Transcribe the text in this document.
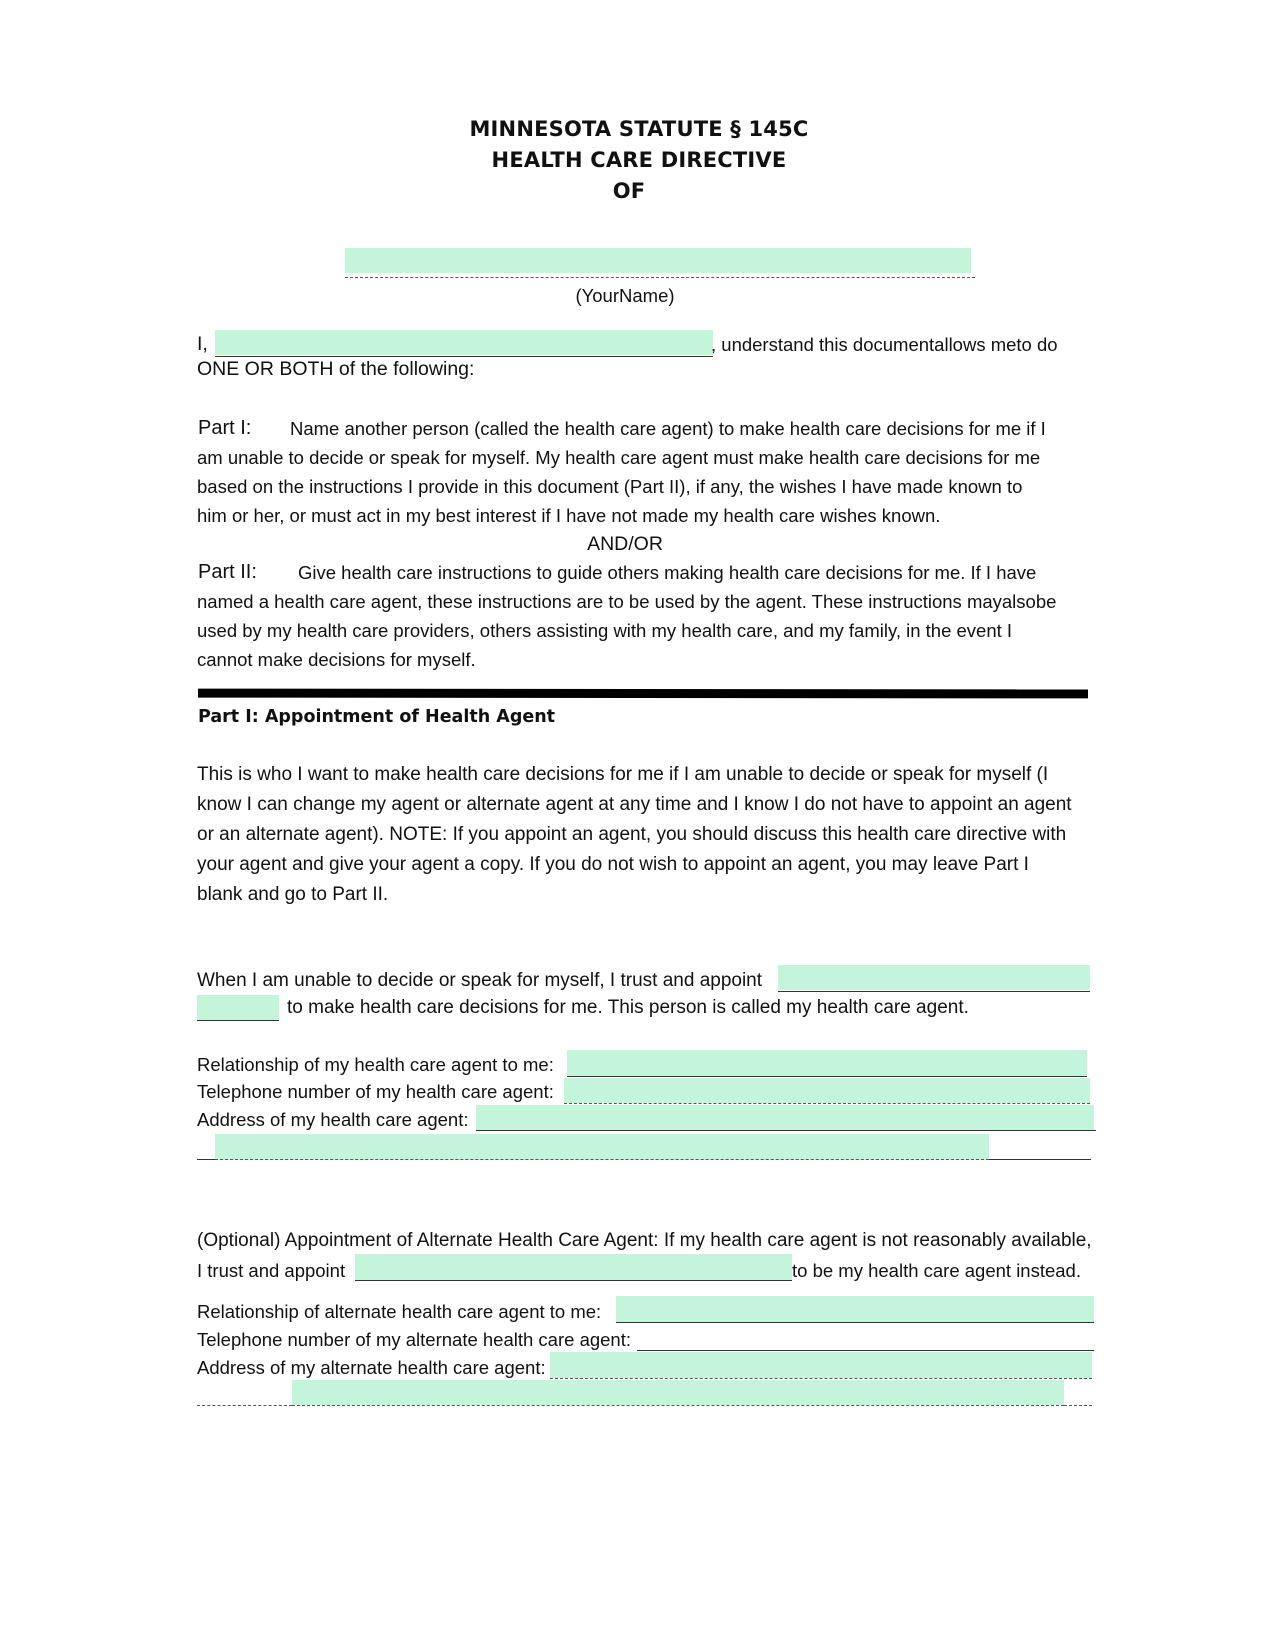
MINNESOTA STATUTE § 145C
HEALTH CARE DIRECTIVE
OF
(YourName)
I,	, understand this documentallows meto do
ONE OR BOTH of the following:
Part I: Name another person (called the health care agent) to make health care decisions for me if I
am unable to decide or speak for myself. My health care agent must make health care decisions for me
based on the instructions I provide in this document (Part II), if any, the wishes I have made known to
him or her, or must act in my best interest if I have not made my health care wishes known.
AND/OR
Part II: Give health care instructions to guide others making health care decisions for me. If I have
named a health care agent, these instructions are to be used by the agent. These instructions mayalsobe
used by my health care providers, others assisting with my health care, and my family, in the event I
cannot make decisions for myself.
Part I: Appointment of Health Agent
This is who I want to make health care decisions for me if I am unable to decide or speak for myself (I
know I can change my agent or alternate agent at any time and I know I do not have to appoint an agent
or an alternate agent). NOTE: If you appoint an agent, you should discuss this health care directive with
your agent and give your agent a copy. If you do not wish to appoint an agent, you may leave Part I
blank and go to Part II.
When I am unable to decide or speak for myself, I trust and appoint
to make health care decisions for me. This person is called my health care agent.
Relationship of my health care agent to me:
Telephone number of my health care agent:
Address of my health care agent:
(Optional) Appointment of Alternate Health Care Agent: If my health care agent is not reasonably available,
I trust and appoint	to be my health care agent instead.
Relationship of alternate health care agent to me:
Telephone number of my alternate health care agent:
Address of my alternate health care agent:
